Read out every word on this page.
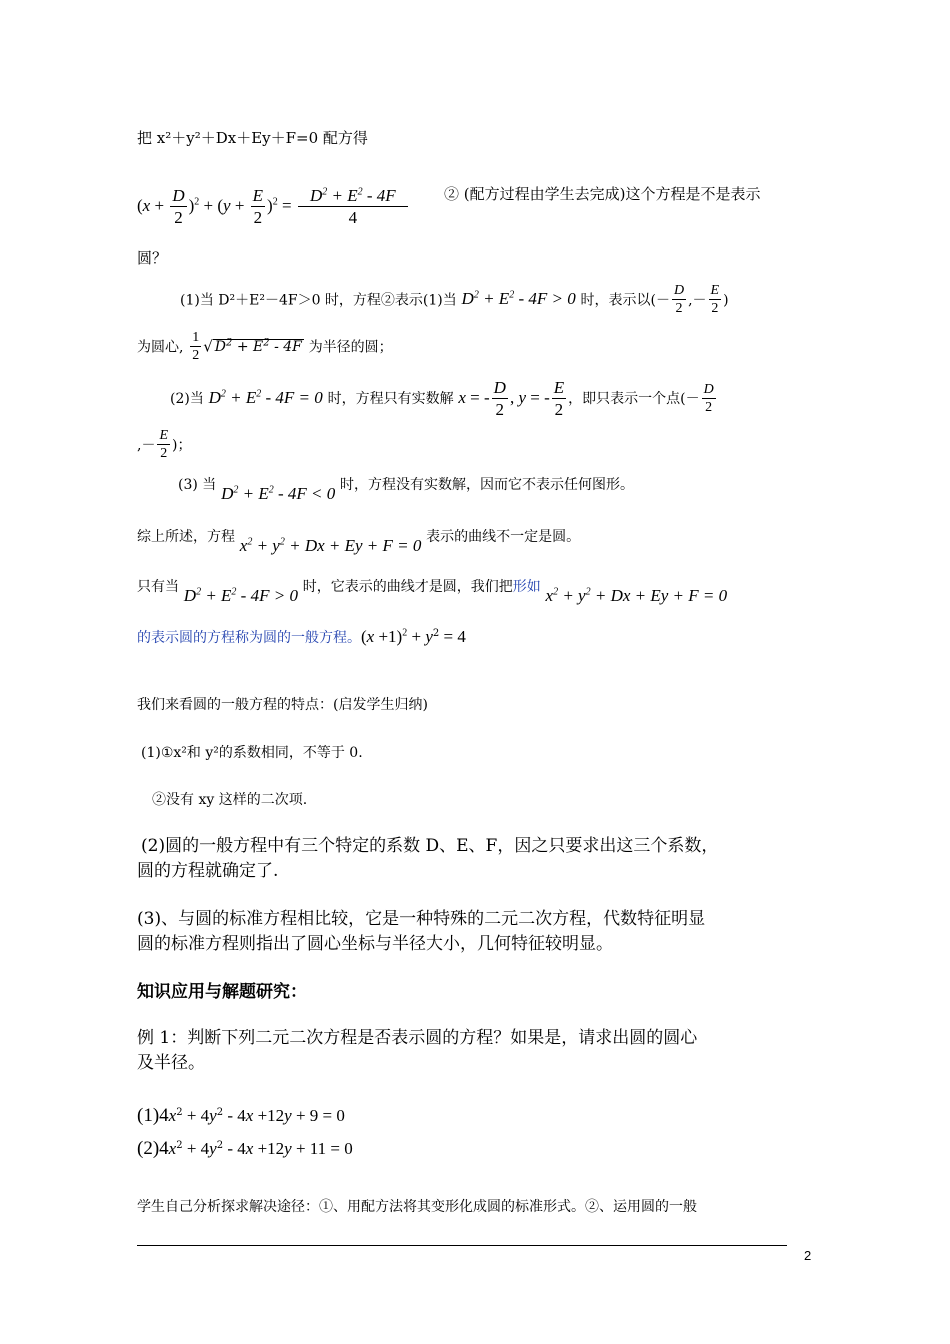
把 x²＋y²＋Dx＋Ey＋F=0 配方得
$(x + \frac{D}{2} )^2 + (y + \frac{E}{2} )^2 = \frac{D^2 + E^2 - 4F}{4}$ ② (配方过程由学生去完成)这个方程是不是表示
圆？
(1)当 D²＋E²－4F＞0 时，方程②表示(1)当 $D^2 + E^2 - 4F > 0$ 时，表示以(－ $\frac{D}{2}$ ,－ $\frac{E}{2}$ )
为圆心, $\frac{1}{2}$ √ $D^2 + E^2 - 4F$ 为半径的圆；
(2)当 $D^2 + E^2 - 4F = 0$ 时，方程只有实数解 x = - $\frac{D}{2}$ , y = - $\frac{E}{2}$ ，即只表示一个点(－ $\frac{D}{2}$
,－ $\frac{E}{2}$ )；
(3) 当 $D^2 + E^2 - 4F < 0$ 时，方程没有实数解，因而它不表示任何图形。
综上所述，方程 $x^2 + y^2 + Dx + Ey + F = 0$ 表示的曲线不一定是圆。
只有当 $D^2 + E^2 - 4F > 0$ 时，它表示的曲线才是圆，我们把形如 $x^2 + y^2 + Dx + Ey + F = 0$
的表示圆的方程称为圆的一般方程。$(x +1)^2 + y^2 = 4$
我们来看圆的一般方程的特点：(启发学生归纳)
(1)①x²和 y²的系数相同，不等于 0.
②没有 xy 这样的二次项.
(2)圆的一般方程中有三个特定的系数 D、E、F，因之只要求出这三个系数，
圆的方程就确定了.
(3)、与圆的标准方程相比较，它是一种特殊的二元二次方程，代数特征明显
圆的标准方程则指出了圆心坐标与半径大小，几何特征较明显。
知识应用与解题研究：
例 1：判断下列二元二次方程是否表示圆的方程？如果是，请求出圆的圆心
及半径。
$(1)4x^2 + 4y^2 - 4x +12y + 9 = 0$
$(2)4x^2 + 4y^2 - 4x +12y + 11 = 0$
学生自己分析探求解决途径：①、用配方法将其变形化成圆的标准形式。②、运用圆的一般
2
